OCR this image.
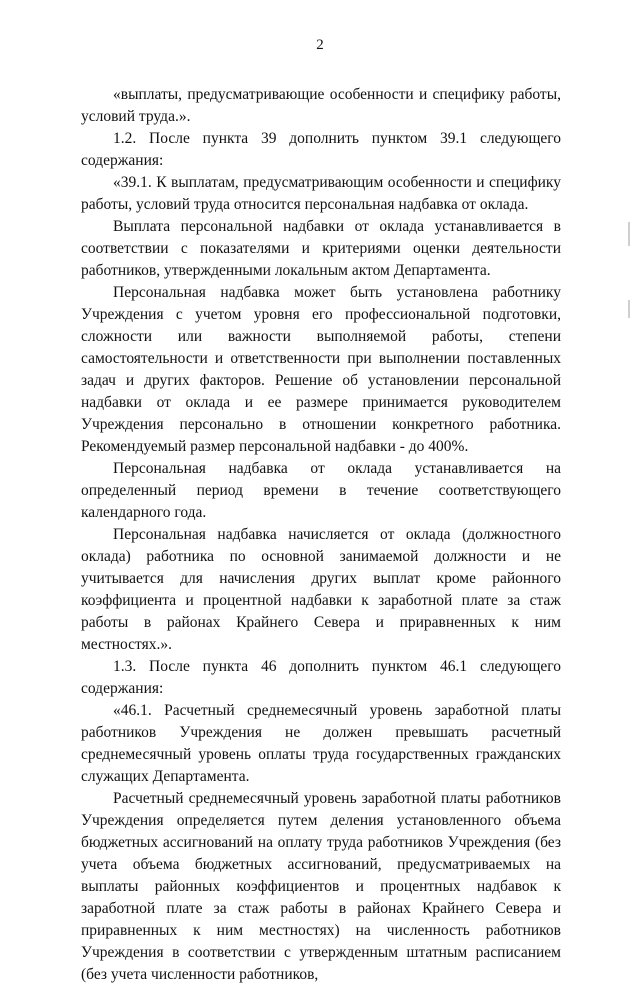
2

«выплаты, предусматривающие особенности и специфику работы, условий труда.».

1.2. После пункта 39 дополнить пунктом 39.1 следующего содержания:

«39.1. К выплатам, предусматривающим особенности и специфику работы, условий труда относится персональная надбавка от оклада.

Выплата персональной надбавки от оклада устанавливается в соответствии с показателями и критериями оценки деятельности работников, утвержденными локальным актом Департамента.

Персональная надбавка может быть установлена работнику Учреждения с учетом уровня его профессиональной подготовки, сложности или важности выполняемой работы, степени самостоятельности и ответственности при выполнении поставленных задач и других факторов. Решение об установлении персональной надбавки от оклада и ее размере принимается руководителем Учреждения персонально в отношении конкретного работника. Рекомендуемый размер персональной надбавки - до 400%.

Персональная надбавка от оклада устанавливается на определенный период времени в течение соответствующего календарного года.

Персональная надбавка начисляется от оклада (должностного оклада) работника по основной занимаемой должности и не учитывается для начисления других выплат кроме районного коэффициента и процентной надбавки к заработной плате за стаж работы в районах Крайнего Севера и приравненных к ним местностях.».

1.3. После пункта 46 дополнить пунктом 46.1 следующего содержания:

«46.1. Расчетный среднемесячный уровень заработной платы работников Учреждения не должен превышать расчетный среднемесячный уровень оплаты труда государственных гражданских служащих Департамента.

Расчетный среднемесячный уровень заработной платы работников Учреждения определяется путем деления установленного объема бюджетных ассигнований на оплату труда работников Учреждения (без учета объема бюджетных ассигнований, предусматриваемых на выплаты районных коэффициентов и процентных надбавок к заработной плате за стаж работы в районах Крайнего Севера и приравненных к ним местностях) на численность работников Учреждения в соответствии с утвержденным штатным расписанием (без учета численности работников,
